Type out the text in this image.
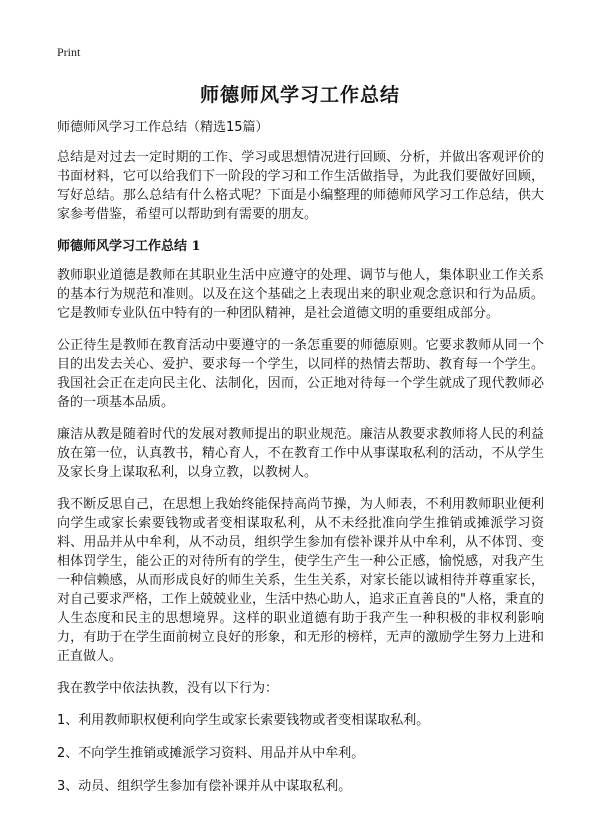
Print
师德师风学习工作总结

师德师风学习工作总结（精选15篇）

总结是对过去一定时期的工作、学习或思想情况进行回顾、分析，并做出客观评价的书面材料，它可以给我们下一阶段的学习和工作生活做指导，为此我们要做好回顾，写好总结。那么总结有什么格式呢？下面是小编整理的师德师风学习工作总结，供大家参考借鉴，希望可以帮助到有需要的朋友。

师德师风学习工作总结 1

教师职业道德是教师在其职业生活中应遵守的处理、调节与他人，集体职业工作关系的基本行为规范和准则。以及在这个基础之上表现出来的职业观念意识和行为品质。它是教师专业队伍中特有的一种团队精神，是社会道德文明的重要组成部分。

公正待生是教师在教育活动中要遵守的一条怎重要的师德原则。它要求教师从同一个目的出发去关心、爱护、要求每一个学生，以同样的热情去帮助、教育每一个学生。我国社会正在走向民主化、法制化，因而，公正地对待每一个学生就成了现代教师必备的一项基本品质。

廉洁从教是随着时代的发展对教师提出的职业规范。廉洁从教要求教师将人民的利益放在第一位，认真教书，精心育人，不在教育工作中从事谋取私利的活动，不从学生及家长身上谋取私利，以身立教，以教树人。

我不断反思自己，在思想上我始终能保持高尚节操，为人师表，不利用教师职业便利向学生或家长索要钱物或者变相谋取私利，从不未经批准向学生推销或摊派学习资料、用品并从中牟利，从不动员，组织学生参加有偿补课并从中牟利，从不体罚、变相体罚学生，能公正的对待所有的学生，使学生产生一种公正感，愉悦感，对我产生一种信赖感，从而形成良好的师生关系，生生关系，对家长能以诚相待并尊重家长，对自己要求严格，工作上兢兢业业，生活中热心助人，追求正直善良的"人格，秉直的人生态度和民主的思想境界。这样的职业道德有助于我产生一种积极的非权利影响力，有助于在学生面前树立良好的形象，和无形的榜样，无声的激励学生努力上进和正直做人。

我在教学中依法执教，没有以下行为：

1、利用教师职权便利向学生或家长索要钱物或者变相谋取私利。

2、不向学生推销或摊派学习资料、用品并从中牟利。

3、动员、组织学生参加有偿补课并从中谋取私利。
